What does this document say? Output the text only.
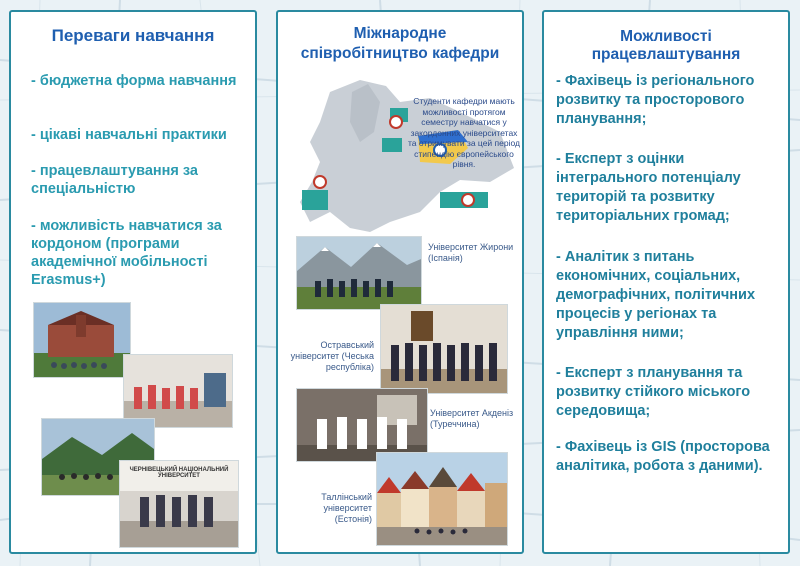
Переваги навчання
- бюджетна форма навчання
- цікаві навчальні практики
- працевлаштування за спеціальністю
- можливість навчатися за кордоном (програми академічної мобільності Erasmus+)
ЧЕРНІВЕЦЬКИЙ НАЦІОНАЛЬНИЙ УНІВЕРСИТЕТ
Міжнародне співробітництво кафедри
Студенти кафедри мають можливості протягом семестру навчатися у закордонних університетах та отримувати за цей період стипендію європейського рівня.
Університет Жирони (Іспанія)
Остравський університет (Чеська республіка)
Університет Акденіз (Туреччина)
Таллінський університет (Естонія)
Можливості працевлаштування
- Фахівець із регіонального розвитку та просторового планування;
- Експерт з оцінки інтегрального потенціалу територій та розвитку територіальних громад;
- Аналітик з питань економічних, соціальних, демографічних, політичних процесів у регіонах та управління ними;
- Експерт з планування та розвитку стійкого міського середовища;
- Фахівець із GIS (просторова аналітика, робота з даними).
